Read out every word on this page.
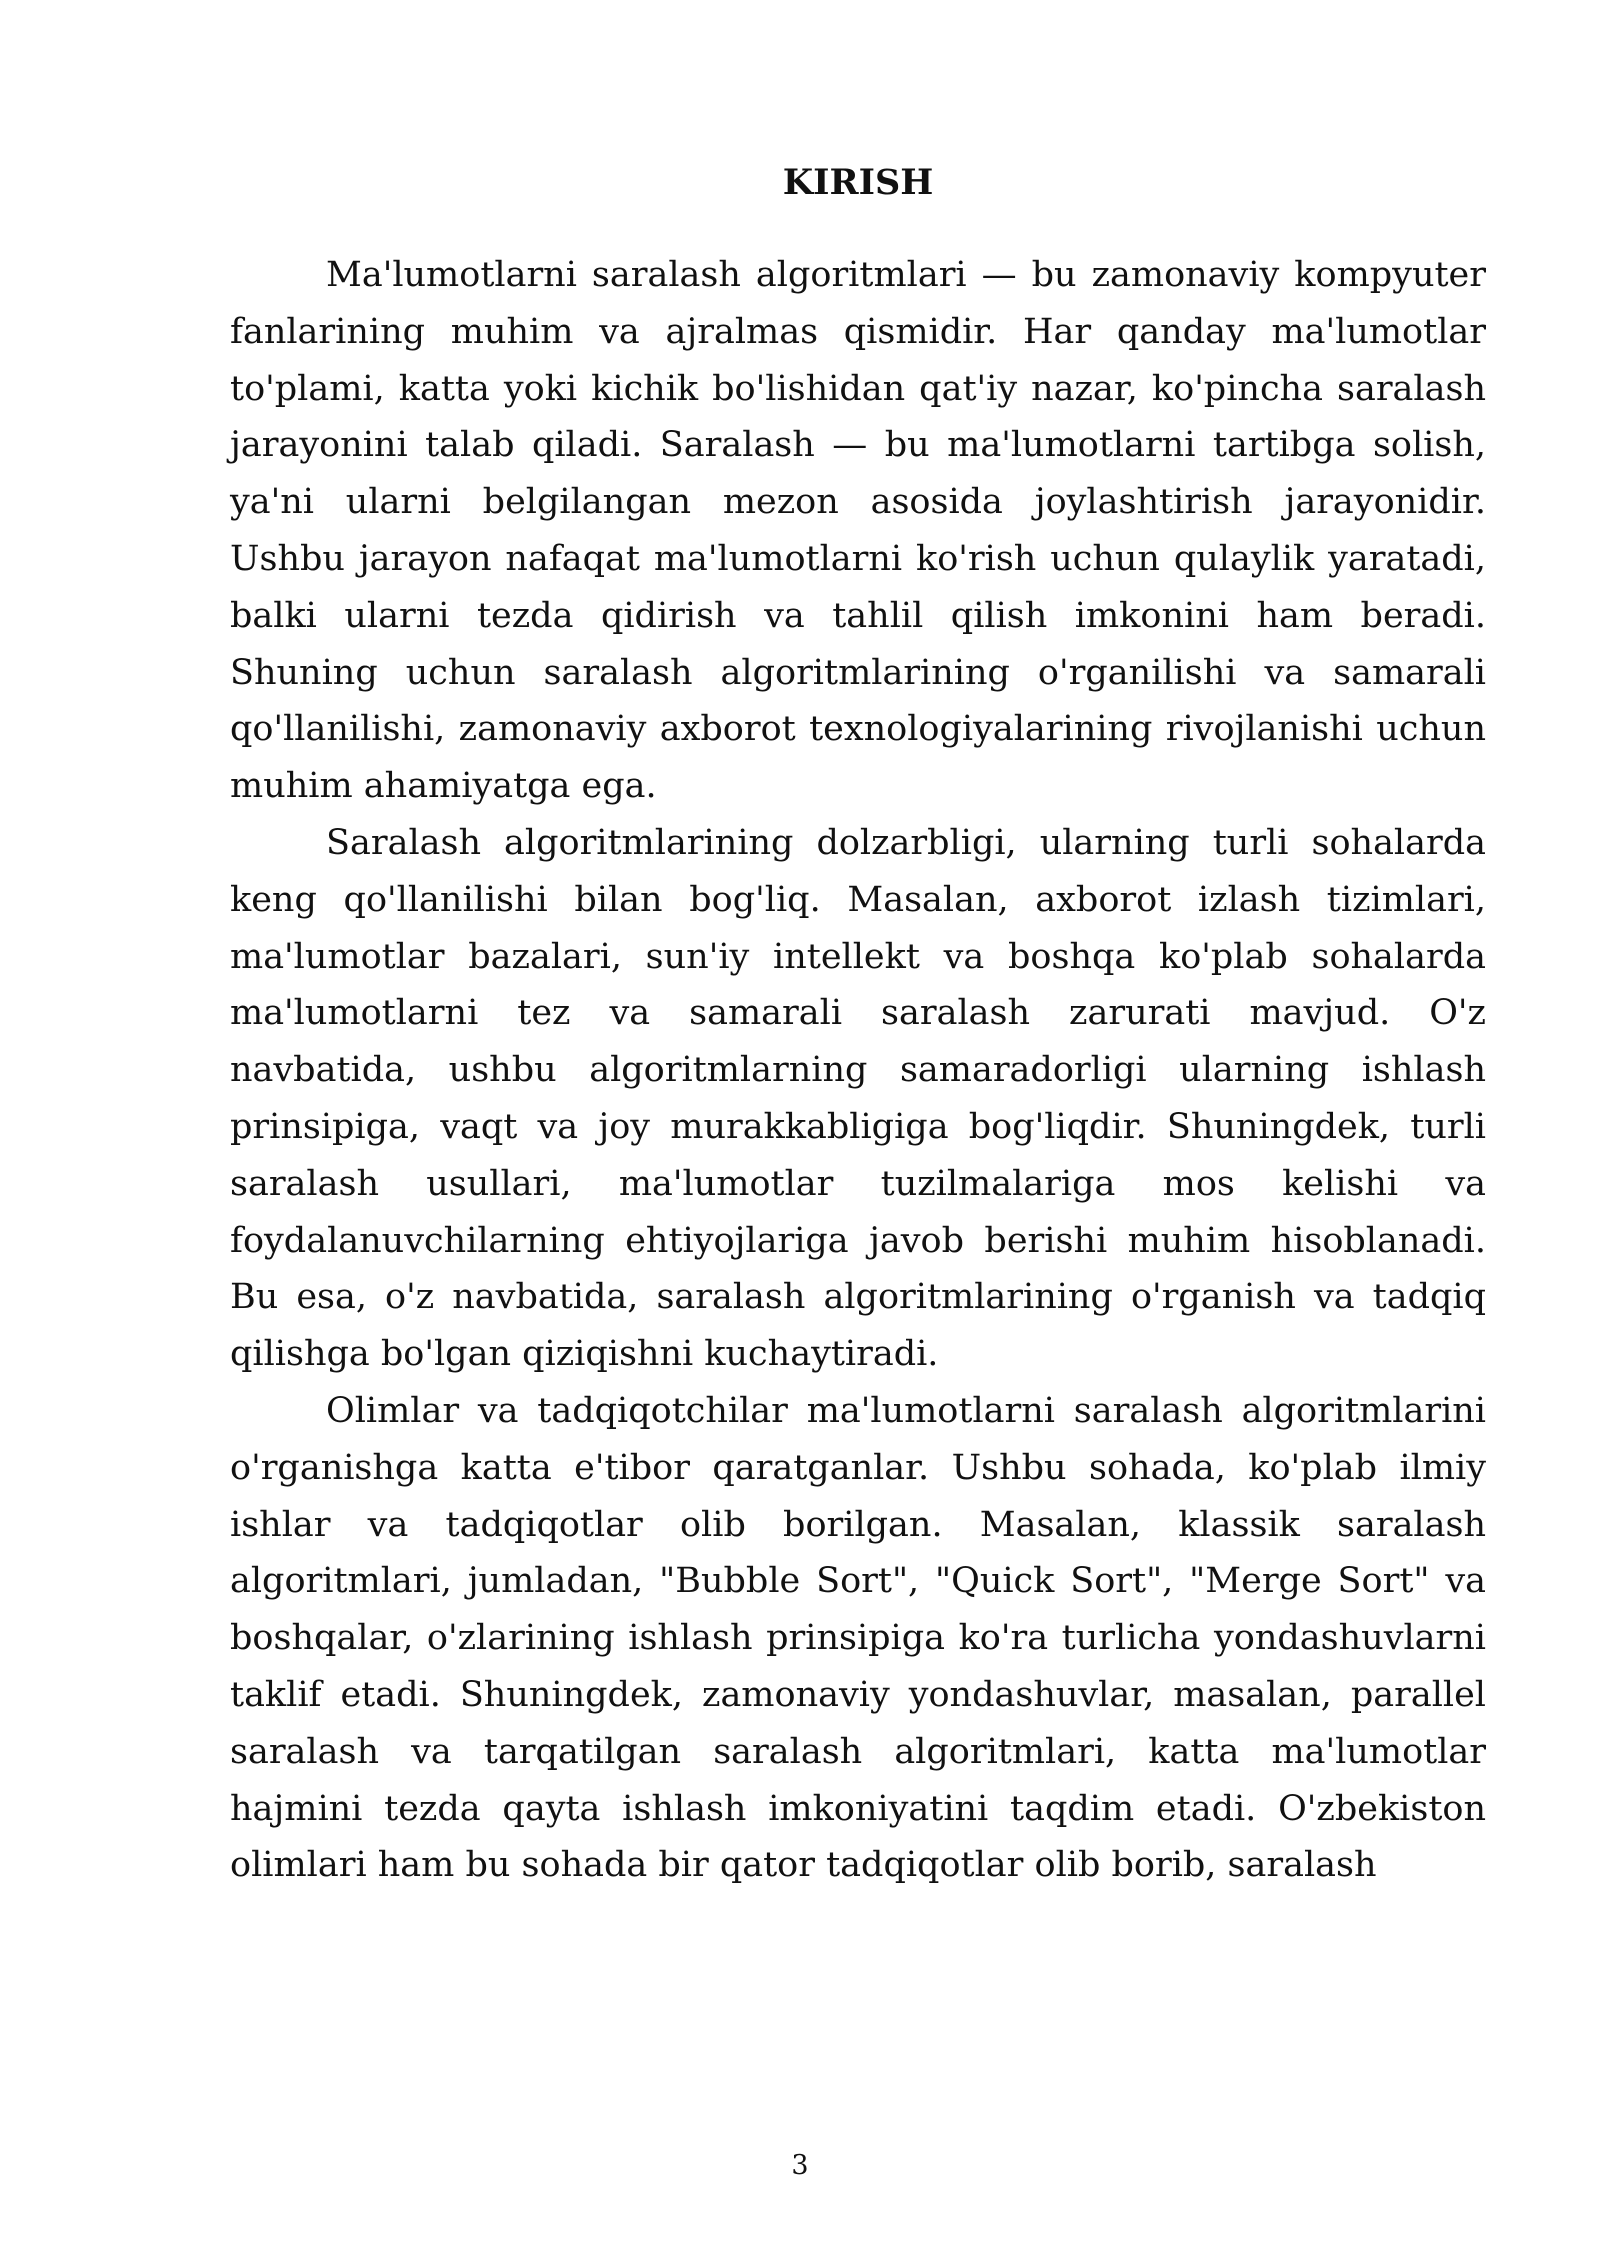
KIRISH

Ma'lumotlarni saralash algoritmlari — bu zamonaviy kompyuter fanlarining muhim va ajralmas qismidir. Har qanday ma'lumotlar to'plami, katta yoki kichik bo'lishidan qat'iy nazar, ko'pincha saralash jarayonini talab qiladi. Saralash — bu ma'lumotlarni tartibga solish, ya'ni ularni belgilangan mezon asosida joylashtirish jarayonidir. Ushbu jarayon nafaqat ma'lumotlarni ko'rish uchun qulaylik yaratadi, balki ularni tezda qidirish va tahlil qilish imkonini ham beradi. Shuning uchun saralash algoritmlarining o'rganilishi va samarali qo'llanilishi, zamonaviy axborot texnologiyalarining rivojlanishi uchun muhim ahamiyatga ega.

Saralash algoritmlarining dolzarbligi, ularning turli sohalarda keng qo'llanilishi bilan bog'liq. Masalan, axborot izlash tizimlari, ma'lumotlar bazalari, sun'iy intellekt va boshqa ko'plab sohalarda ma'lumotlarni tez va samarali saralash zarurati mavjud. O'z navbatida, ushbu algoritmlarning samaradorligi ularning ishlash prinsipiga, vaqt va joy murakkabligiga bog'liqdir. Shuningdek, turli saralash usullari, ma'lumotlar tuzilmalariga mos kelishi va foydalanuvchilarning ehtiyojlariga javob berishi muhim hisoblanadi. Bu esa, o'z navbatida, saralash algoritmlarining o'rganish va tadqiq qilishga bo'lgan qiziqishni kuchaytiradi.

Olimlar va tadqiqotchilar ma'lumotlarni saralash algoritmlarini o'rganishga katta e'tibor qaratganlar. Ushbu sohada, ko'plab ilmiy ishlar va tadqiqotlar olib borilgan. Masalan, klassik saralash algoritmlari, jumladan, "Bubble Sort", "Quick Sort", "Merge Sort" va boshqalar, o'zlarining ishlash prinsipiga ko'ra turlicha yondashuvlarni taklif etadi. Shuningdek, zamonaviy yondashuvlar, masalan, parallel saralash va tarqatilgan saralash algoritmlari, katta ma'lumotlar hajmini tezda qayta ishlash imkoniyatini taqdim etadi. O'zbekiston olimlari ham bu sohada bir qator tadqiqotlar olib borib, saralash

3
